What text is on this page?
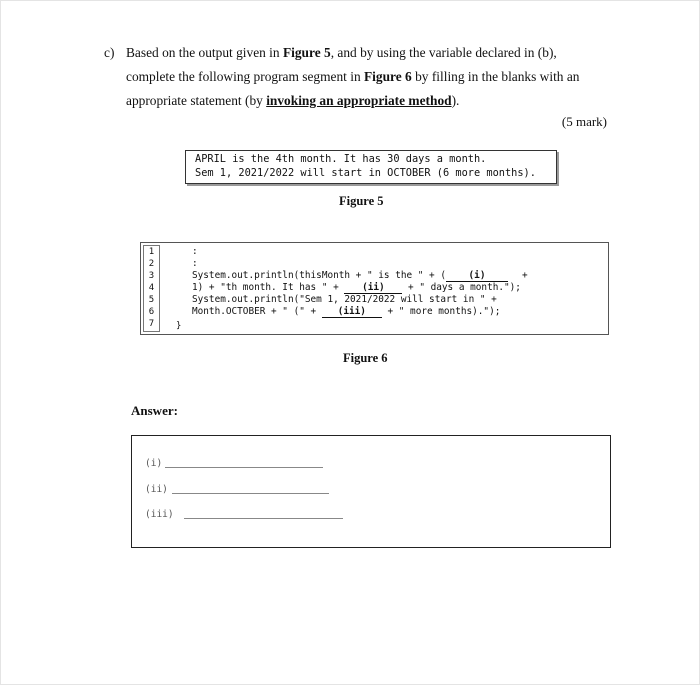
c) Based on the output given in Figure 5, and by using the variable declared in (b),
complete the following program segment in Figure 6 by filling in the blanks with an
appropriate statement (by invoking an appropriate method).
(5 mark)
APRIL is the 4th month. It has 30 days a month.
Sem 1, 2021/2022 will start in OCTOBER (6 more months).
Figure 5
1
2
3
4
5
6
7	}
:
:
System.out.println(thisMonth + " is the " + ( (i)	+
1) + "th month. It has " + (ii) + " days a month.");
System.out.println("Sem 1, 2021/2022 will start in " +
Month.OCTOBER + " (" + (iii) + " more months).");
Figure 6
Answer:
(i)
(ii)
(iii)
